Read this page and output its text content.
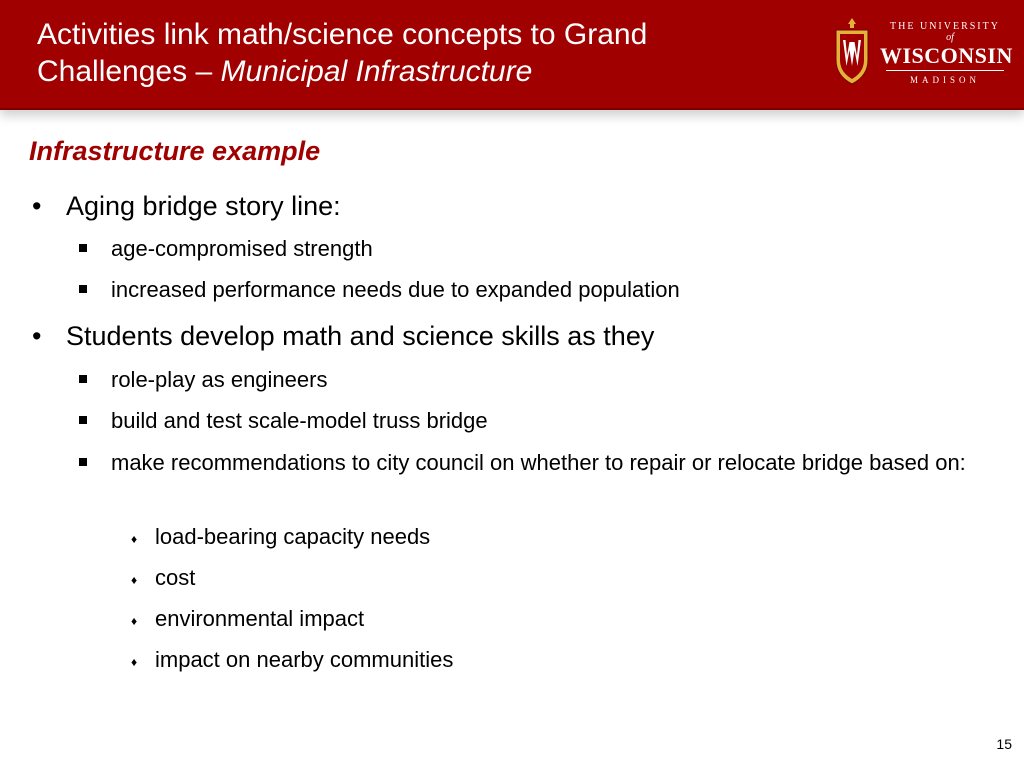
Activities link math/science concepts to Grand
Challenges – Municipal Infrastructure
THE UNIVERSITY
of
WISCONSIN
MADISON
Infrastructure example
• Aging bridge story line:
age-compromised strength
increased performance needs due to expanded population
• Students develop math and science skills as they
role-play as engineers
build and test scale-model truss bridge
make recommendations to city council on whether to repair or relocate bridge based on:
♦ load-bearing capacity needs
♦ cost
♦ environmental impact
♦ impact on nearby communities
15
